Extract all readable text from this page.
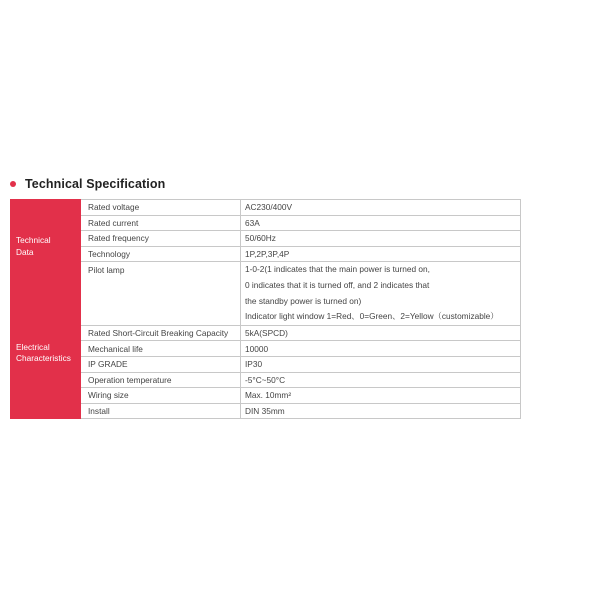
Technical Specification
Technical
Data	Rated voltage	AC230/400V
	Rated current	63A
	Rated frequency	50/60Hz
	Technology	1P,2P,3P,4P
	Pilot lamp	1-0-2(1 indicates that the main power is turned on,
0 indicates that it is turned off, and 2 indicates that
the standby power is turned on)
Indicator light window 1=Red、0=Green、2=Yellow（customizable）

Electrical
Characteristics	Rated Short-Circuit Breaking Capacity	5kA(SPCD)
	Mechanical life	10000
	IP GRADE	IP30
	Operation temperature	-5°C~50°C
	Wiring size	Max. 10mm²
	Install	DIN 35mm
